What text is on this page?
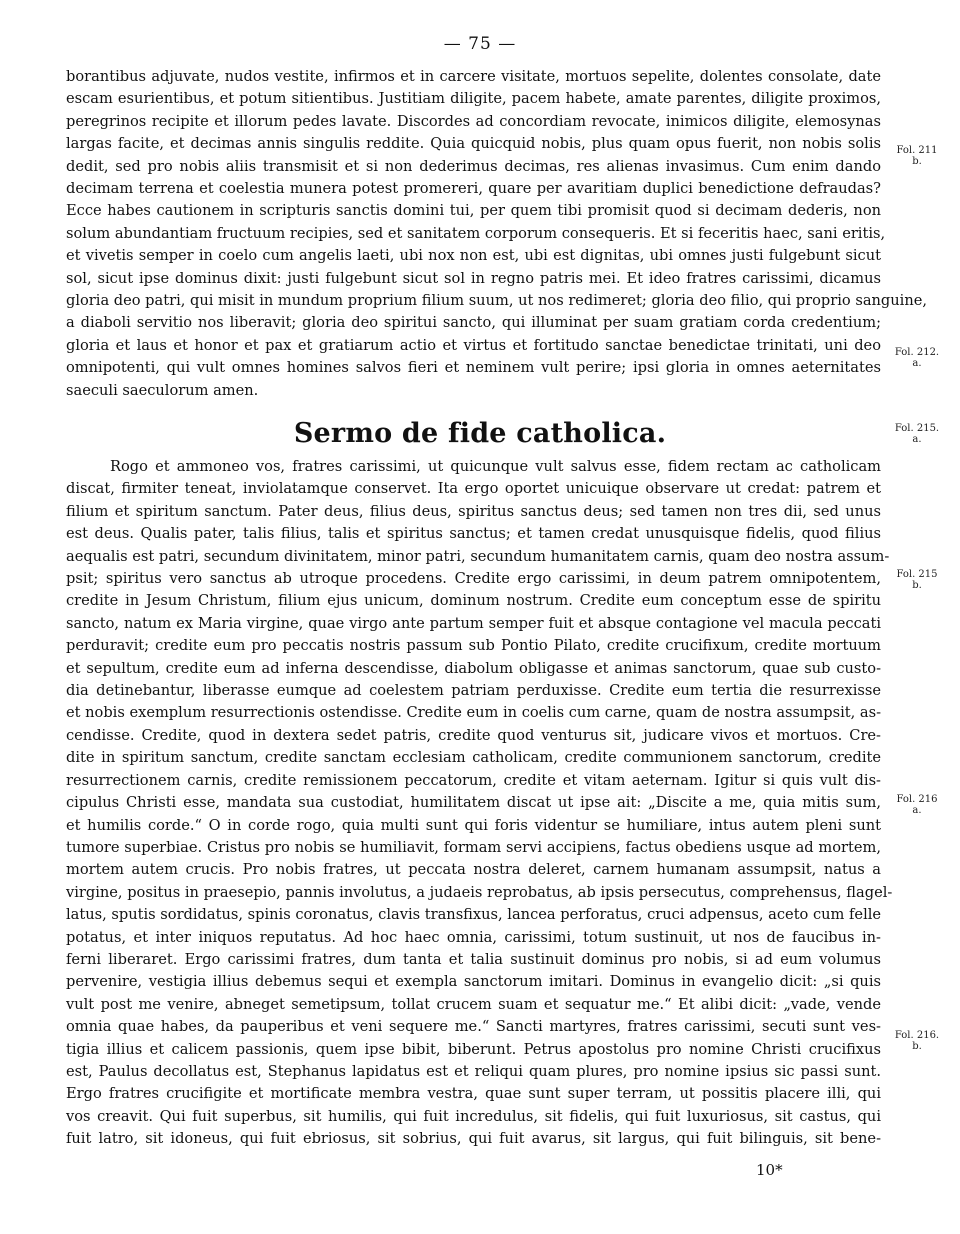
— 75 —
borantibus adjuvate, nudos vestite, infirmos et in carcere visitate, mortuos sepelite, dolentes consolate, date
escam esurientibus, et potum sitientibus. Justitiam diligite, pacem habete, amate parentes, diligite proximos,
peregrinos recipite et illorum pedes lavate. Discordes ad concordiam revocate, inimicos diligite, elemosynas
largas facite, et decimas annis singulis reddite. Quia quicquid nobis, plus quam opus fuerit, non nobis solis
dedit, sed pro nobis aliis transmisit et si non dederimus decimas, res alienas invasimus. Cum enim dando
decimam terrena et coelestia munera potest promereri, quare per avaritiam duplici benedictione defraudas?
Ecce habes cautionem in scripturis sanctis domini tui, per quem tibi promisit quod si decimam dederis, non
solum abundantiam fructuum recipies, sed et sanitatem corporum consequeris. Et si feceritis haec, sani eritis,
et vivetis semper in coelo cum angelis laeti, ubi nox non est, ubi est dignitas, ubi omnes justi fulgebunt sicut
sol, sicut ipse dominus dixit: justi fulgebunt sicut sol in regno patris mei. Et ideo fratres carissimi, dicamus
gloria deo patri, qui misit in mundum proprium filium suum, ut nos redimeret; gloria deo filio, qui proprio sanguine,
a diaboli servitio nos liberavit; gloria deo spiritui sancto, qui illuminat per suam gratiam corda credentium;
gloria et laus et honor et pax et gratiarum actio et virtus et fortitudo sanctae benedictae trinitati, uni deo
omnipotenti, qui vult omnes homines salvos fieri et neminem vult perire; ipsi gloria in omnes aeternitates
saeculi saeculorum amen.
Sermo de fide catholica.
Rogo et ammoneo vos, fratres carissimi, ut quicunque vult salvus esse, fidem rectam ac catholicam
discat, firmiter teneat, inviolatamque conservet. Ita ergo oportet unicuique observare ut credat: patrem et
filium et spiritum sanctum. Pater deus, filius deus, spiritus sanctus deus; sed tamen non tres dii, sed unus
est deus. Qualis pater, talis filius, talis et spiritus sanctus; et tamen credat unusquisque fidelis, quod filius
aequalis est patri, secundum divinitatem, minor patri, secundum humanitatem carnis, quam deo nostra assum-
psit; spiritus vero sanctus ab utroque procedens. Credite ergo carissimi, in deum patrem omnipotentem,
credite in Jesum Christum, filium ejus unicum, dominum nostrum. Credite eum conceptum esse de spiritu
sancto, natum ex Maria virgine, quae virgo ante partum semper fuit et absque contagione vel macula peccati
perduravit; credite eum pro peccatis nostris passum sub Pontio Pilato, credite crucifixum, credite mortuum
et sepultum, credite eum ad inferna descendisse, diabolum obligasse et animas sanctorum, quae sub custo-
dia detinebantur, liberasse eumque ad coelestem patriam perduxisse. Credite eum tertia die resurrexisse
et nobis exemplum resurrectionis ostendisse. Credite eum in coelis cum carne, quam de nostra assumpsit, as-
cendisse. Credite, quod in dextera sedet patris, credite quod venturus sit, judicare vivos et mortuos. Cre-
dite in spiritum sanctum, credite sanctam ecclesiam catholicam, credite communionem sanctorum, credite
resurrectionem carnis, credite remissionem peccatorum, credite et vitam aeternam. Igitur si quis vult dis-
cipulus Christi esse, mandata sua custodiat, humilitatem discat ut ipse ait: „Discite a me, quia mitis sum,
et humilis corde.“ O in corde rogo, quia multi sunt qui foris videntur se humiliare, intus autem pleni sunt
tumore superbiae. Cristus pro nobis se humiliavit, formam servi accipiens, factus obediens usque ad mortem,
mortem autem crucis. Pro nobis fratres, ut peccata nostra deleret, carnem humanam assumpsit, natus a
virgine, positus in praesepio, pannis involutus, a judaeis reprobatus, ab ipsis persecutus, comprehensus, flagel-
latus, sputis sordidatus, spinis coronatus, clavis transfixus, lancea perforatus, cruci adpensus, aceto cum felle
potatus, et inter iniquos reputatus. Ad hoc haec omnia, carissimi, totum sustinuit, ut nos de faucibus in-
ferni liberaret. Ergo carissimi fratres, dum tanta et talia sustinuit dominus pro nobis, si ad eum volumus
pervenire, vestigia illius debemus sequi et exempla sanctorum imitari. Dominus in evangelio dicit: „si quis
vult post me venire, abneget semetipsum, tollat crucem suam et sequatur me.“ Et alibi dicit: „vade, vende
omnia quae habes, da pauperibus et veni sequere me.“ Sancti martyres, fratres carissimi, secuti sunt ves-
tigia illius et calicem passionis, quem ipse bibit, biberunt. Petrus apostolus pro nomine Christi crucifixus
est, Paulus decollatus est, Stephanus lapidatus est et reliqui quam plures, pro nomine ipsius sic passi sunt.
Ergo fratres crucifigite et mortificate membra vestra, quae sunt super terram, ut possitis placere illi, qui
vos creavit. Qui fuit superbus, sit humilis, qui fuit incredulus, sit fidelis, qui fuit luxuriosus, sit castus, qui
fuit latro, sit idoneus, qui fuit ebriosus, sit sobrius, qui fuit avarus, sit largus, qui fuit bilinguis, sit bene-
Fol. 211
b.
Fol. 212.
a.
Fol. 215.
a.
Fol. 215
b.
Fol. 216
a.
Fol. 216.
b.
10*
